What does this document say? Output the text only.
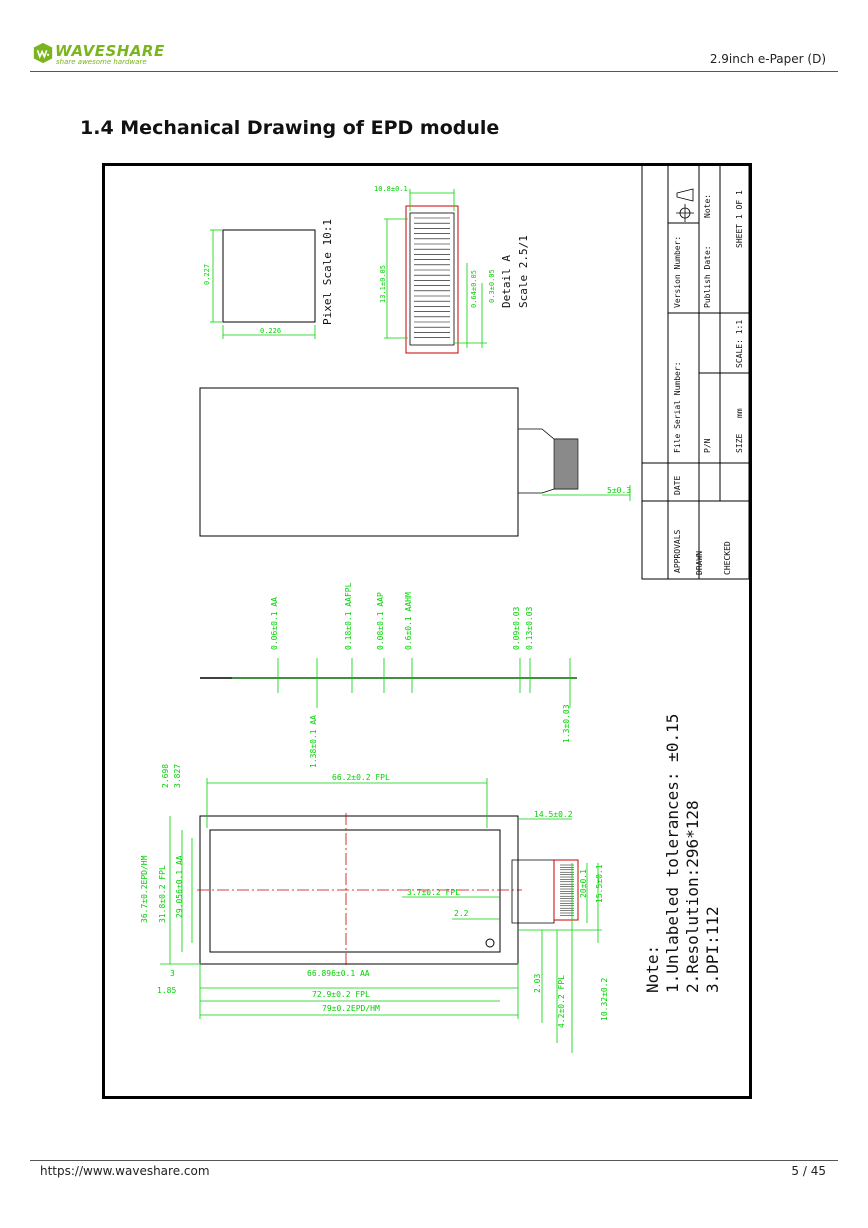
WAVESHARE
share awesome hardware	2.9inch e-Paper (D)
1.4 Mechanical Drawing of EPD module
SHEET 1 OF 1
Note:
Publish Date:
Version Number:
SCALE: 1:1
File Serial Number:	P/N	SIZE
mm
DATE
APPROVALS DRAWN CHECKED
0.227
0.226
Pixel Scale 10:1	13.1±0.05
10.8±0.1
0.64±0.05 0.3±0.05 Detail A Scale 2.5/1
5±0.3
0.06±0.1 AA	0.18±0.1 AAFPL	0.08±0.1 AAP 0.6±0.1 AAHM
1.38±0.1 AA
0.09±0.03 0.13±0.03
1.3±0.03
66.2±0.2 FPL
2.698 3.827
14.5±0.2
36.7±0.2EPD/HM 31.8±0.2 FPL 29.056±0.1 AA	3.7±0.2 FPL
2.2
20±0.1 15.5±0.1
3
1.85
66.896±0.1 AA
72.9±0.2 FPL
79±0.2EPD/HM
2.03 4.2±0.2 FPL	10.32±0.2
Note: 1.Unlabeled tolerances: ±0.15 2.Resolution:296*128 3.DPI:112
https://www.waveshare.com	5 / 45
